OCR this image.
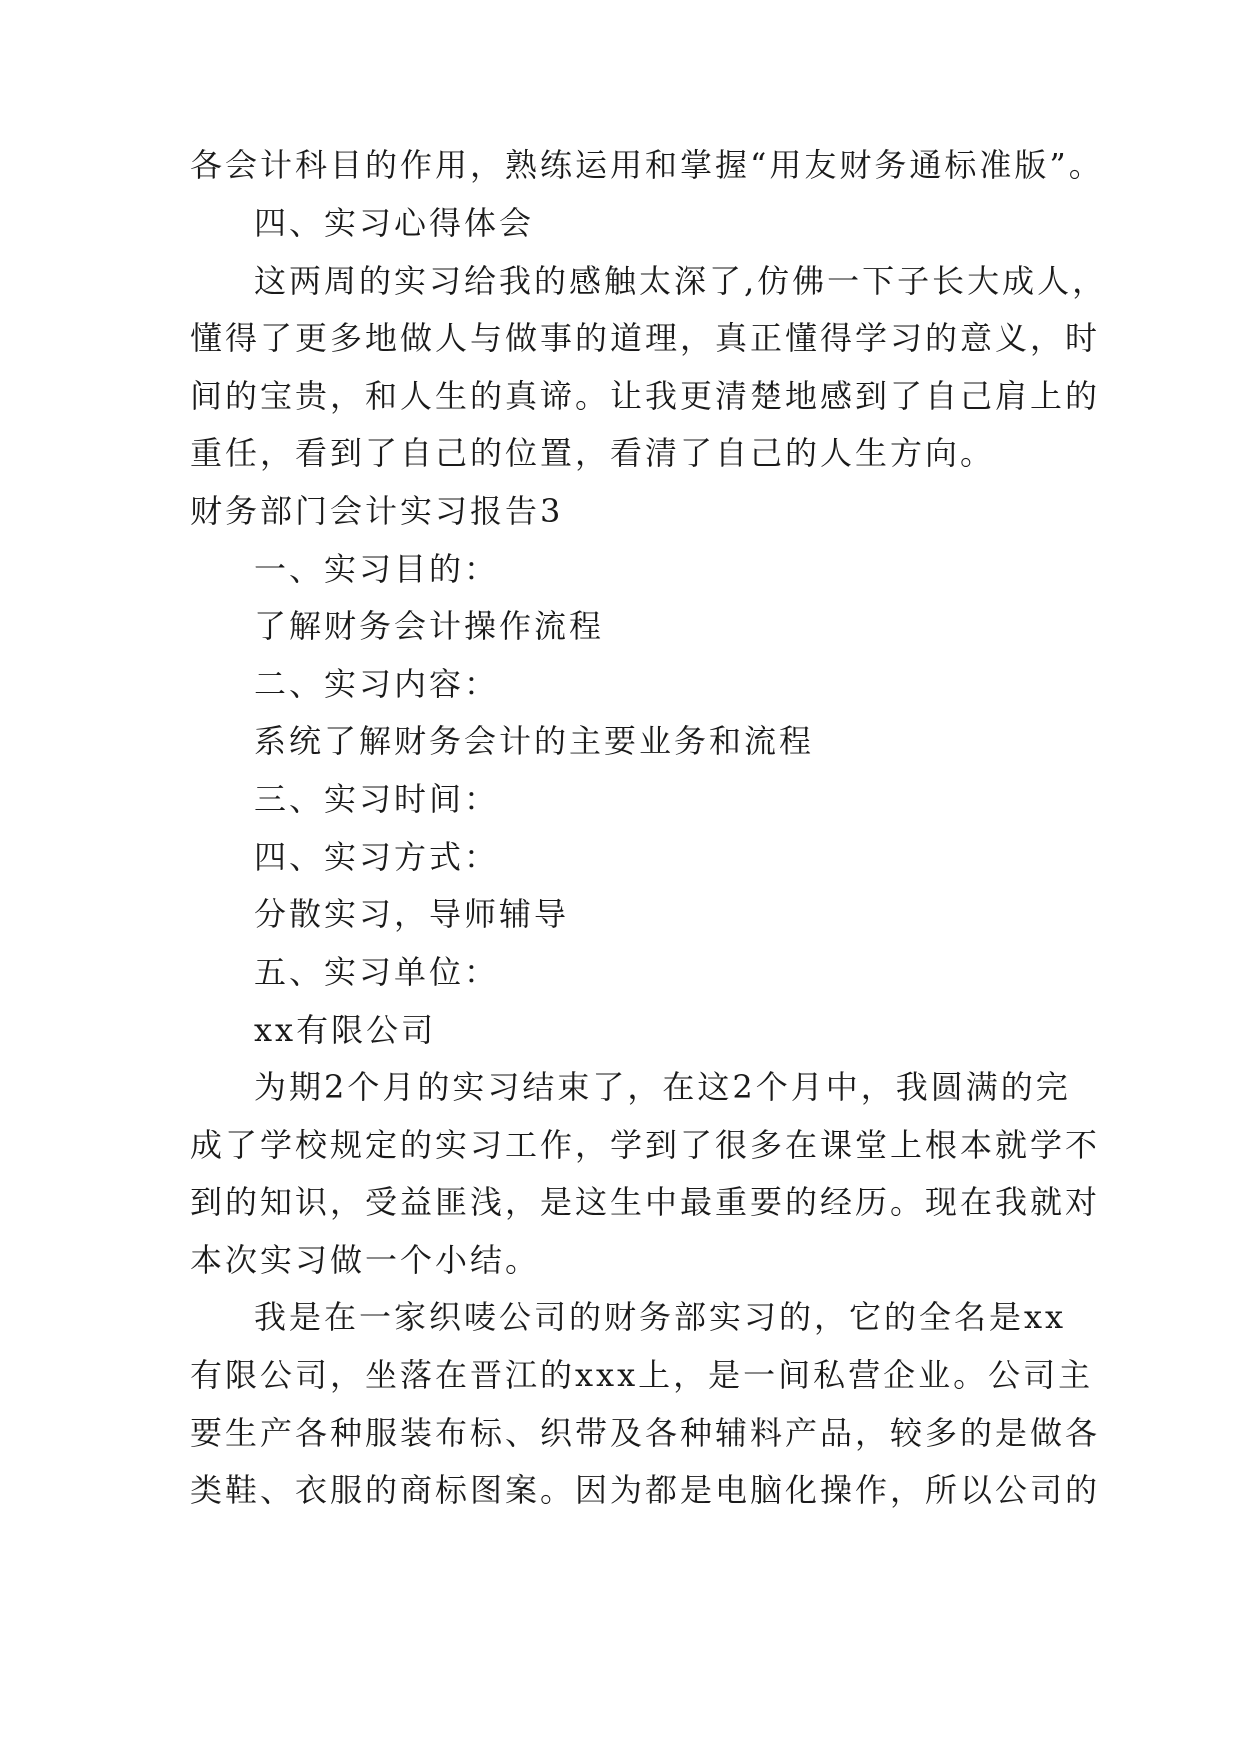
各会计科目的作用，熟练运用和掌握“用友财务通标准版”。
四、实习心得体会
这两周的实习给我的感触太深了,仿佛一下子长大成人，
懂得了更多地做人与做事的道理，真正懂得学习的意义，时
间的宝贵，和人生的真谛。让我更清楚地感到了自己肩上的
重任，看到了自己的位置，看清了自己的人生方向。
财务部门会计实习报告3
一、实习目的：
了解财务会计操作流程
二、实习内容：
系统了解财务会计的主要业务和流程
三、实习时间：
四、实习方式：
分散实习，导师辅导
五、实习单位：
xx有限公司
为期2个月的实习结束了，在这2个月中，我圆满的完
成了学校规定的实习工作，学到了很多在课堂上根本就学不
到的知识，受益匪浅，是这生中最重要的经历。现在我就对
本次实习做一个小结。
我是在一家织唛公司的财务部实习的，它的全名是xx
有限公司，坐落在晋江的xxx上，是一间私营企业。公司主
要生产各种服装布标、织带及各种辅料产品，较多的是做各
类鞋、衣服的商标图案。因为都是电脑化操作，所以公司的
